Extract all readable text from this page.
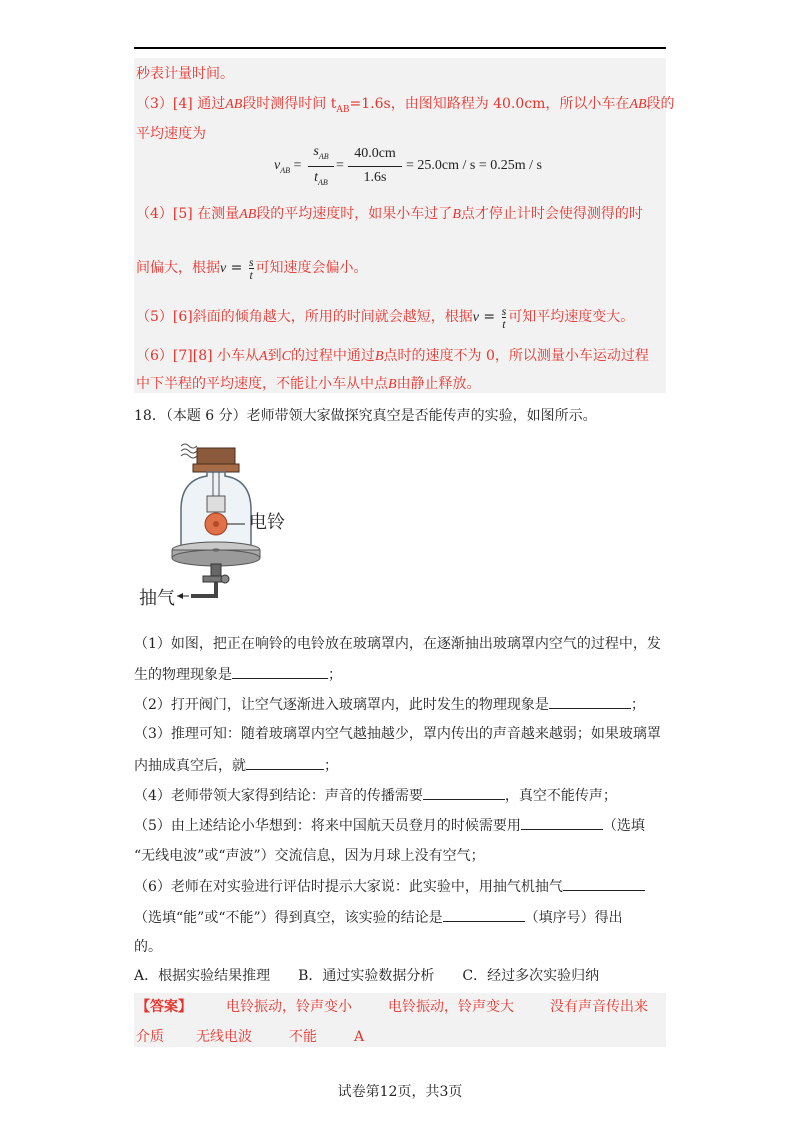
秒表计量时间。
（3）[4] 通过AB段时测得时间 $t_{AB}=1.6s$，由图知路程为 40.0cm，所以小车在AB段的
平均速度为
$v_{AB}$ =
$s_{AB}$
$t_{AB}$
=
40.0cm
1.6s
= 25.0cm / s = 0.25m / s
（4）[5] 在测量AB段的平均速度时，如果小车过了B点才停止计时会使得测得的时
间偏大，根据$v = \frac{s}{t}$ 可知速度会偏小。
（5）[6]斜面的倾角越大，所用的时间就会越短，根据$v = \frac{s}{t}$ 可知平均速度变大。
（6）[7][8] 小车从A到C的过程中通过B点时的速度不为 0，所以测量小车运动过程
中下半程的平均速度，不能让小车从中点B由静止释放。
18．（本题 6 分）老师带领大家做探究真空是否能传声的实验，如图所示。
电铃
抽气
（1）如图，把正在响铃的电铃放在玻璃罩内，在逐渐抽出玻璃罩内空气的过程中，发
生的物理现象是	；
（2）打开阀门，让空气逐渐进入玻璃罩内，此时发生的物理现象是	；
（3）推理可知：随着玻璃罩内空气越抽越少，罩内传出的声音越来越弱；如果玻璃罩
内抽成真空后，就	；
（4）老师带领大家得到结论：声音的传播需要	，真空不能传声；
（5）由上述结论小华想到：将来中国航天员登月的时候需要用	（选填
“无线电波”或“声波”）交流信息，因为月球上没有空气；
（6）老师在对实验进行评估时提示大家说：此实验中，用抽气机抽气
（选填“能”或“不能”）得到真空，该实验的结论是	（填序号）得出
的。
A．根据实验结果推理　　B．通过实验数据分析　　C．经过多次实验归纳
【答案】 电铃振动，铃声变小	电铃振动，铃声变大	没有声音传出来
介质 无线电波	不能	A
试卷第12页，共3页
